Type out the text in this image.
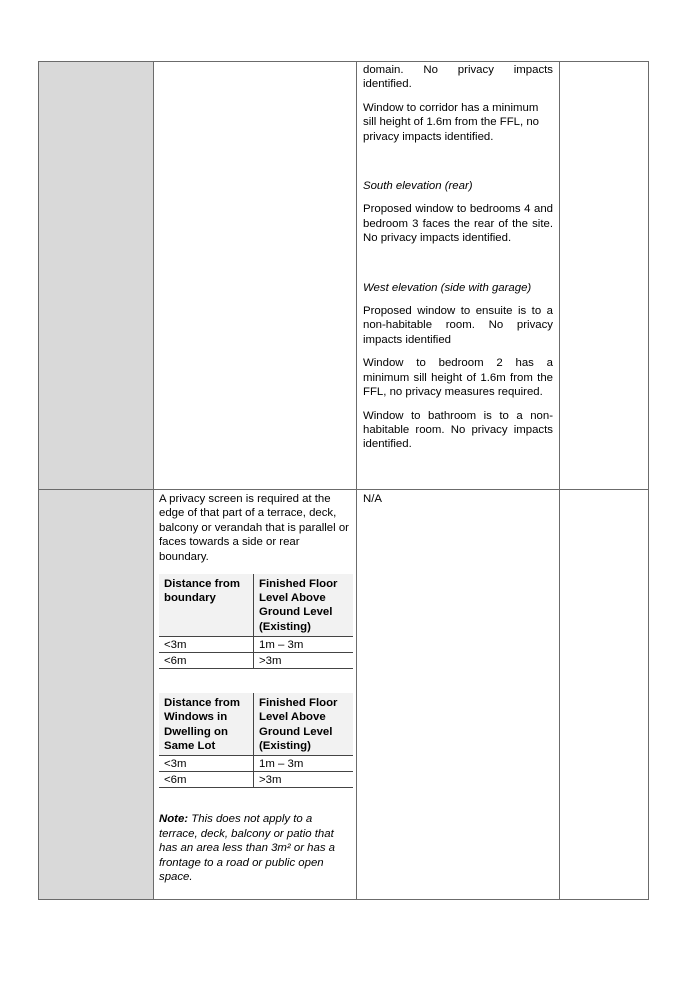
domain. No privacy impacts identified.

Window to corridor has a minimum sill height of 1.6m from the FFL, no privacy impacts identified.

South elevation (rear)

Proposed window to bedrooms 4 and bedroom 3 faces the rear of the site. No privacy impacts identified.

West elevation (side with garage)

Proposed window to ensuite is to a non-habitable room. No privacy impacts identified

Window to bedroom 2 has a minimum sill height of 1.6m from the FFL, no privacy measures required.

Window to bathroom is to a non-habitable room. No privacy impacts identified.

A privacy screen is required at the edge of that part of a terrace, deck, balcony or verandah that is parallel or faces towards a side or rear boundary.

Distance from boundary	Finished Floor Level Above Ground Level (Existing)
<3m	1m – 3m
<6m	>3m
Distance from Windows in Dwelling on Same Lot	Finished Floor Level Above Ground Level (Existing)
<3m	1m – 3m
<6m	>3m

Note: This does not apply to a terrace, deck, balcony or patio that has an area less than 3m² or has a frontage to a road or public open space.

N/A
